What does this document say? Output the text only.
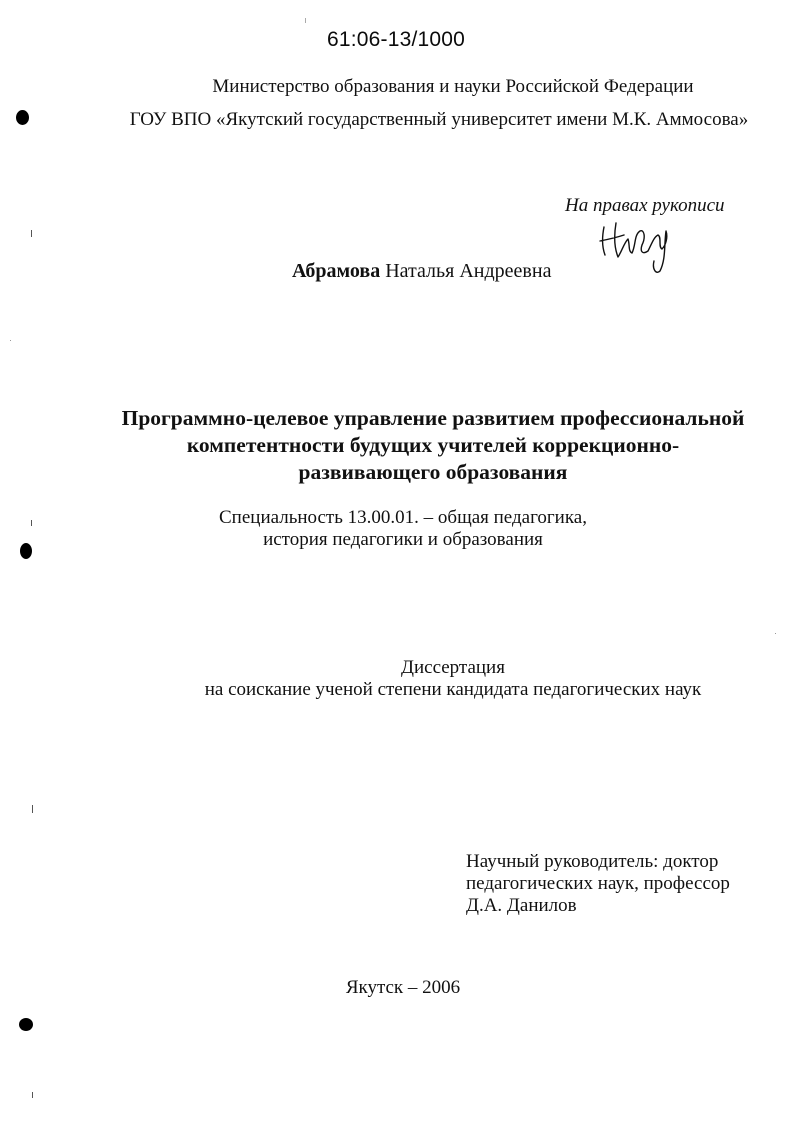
61:06-13/1000
Министерство образования и науки Российской Федерации
ГОУ ВПО «Якутский государственный университет имени М.К. Аммосова»
На правах рукописи
Абрамова Наталья Андреевна
Программно-целевое управление развитием профессиональной
компетентности будущих учителей коррекционно-
развивающего образования
Специальность 13.00.01. – общая педагогика,
история педагогики и образования
Диссертация
на соискание ученой степени кандидата педагогических наук
Научный руководитель: доктор
педагогических наук, профессор
Д.А. Данилов
Якутск – 2006
